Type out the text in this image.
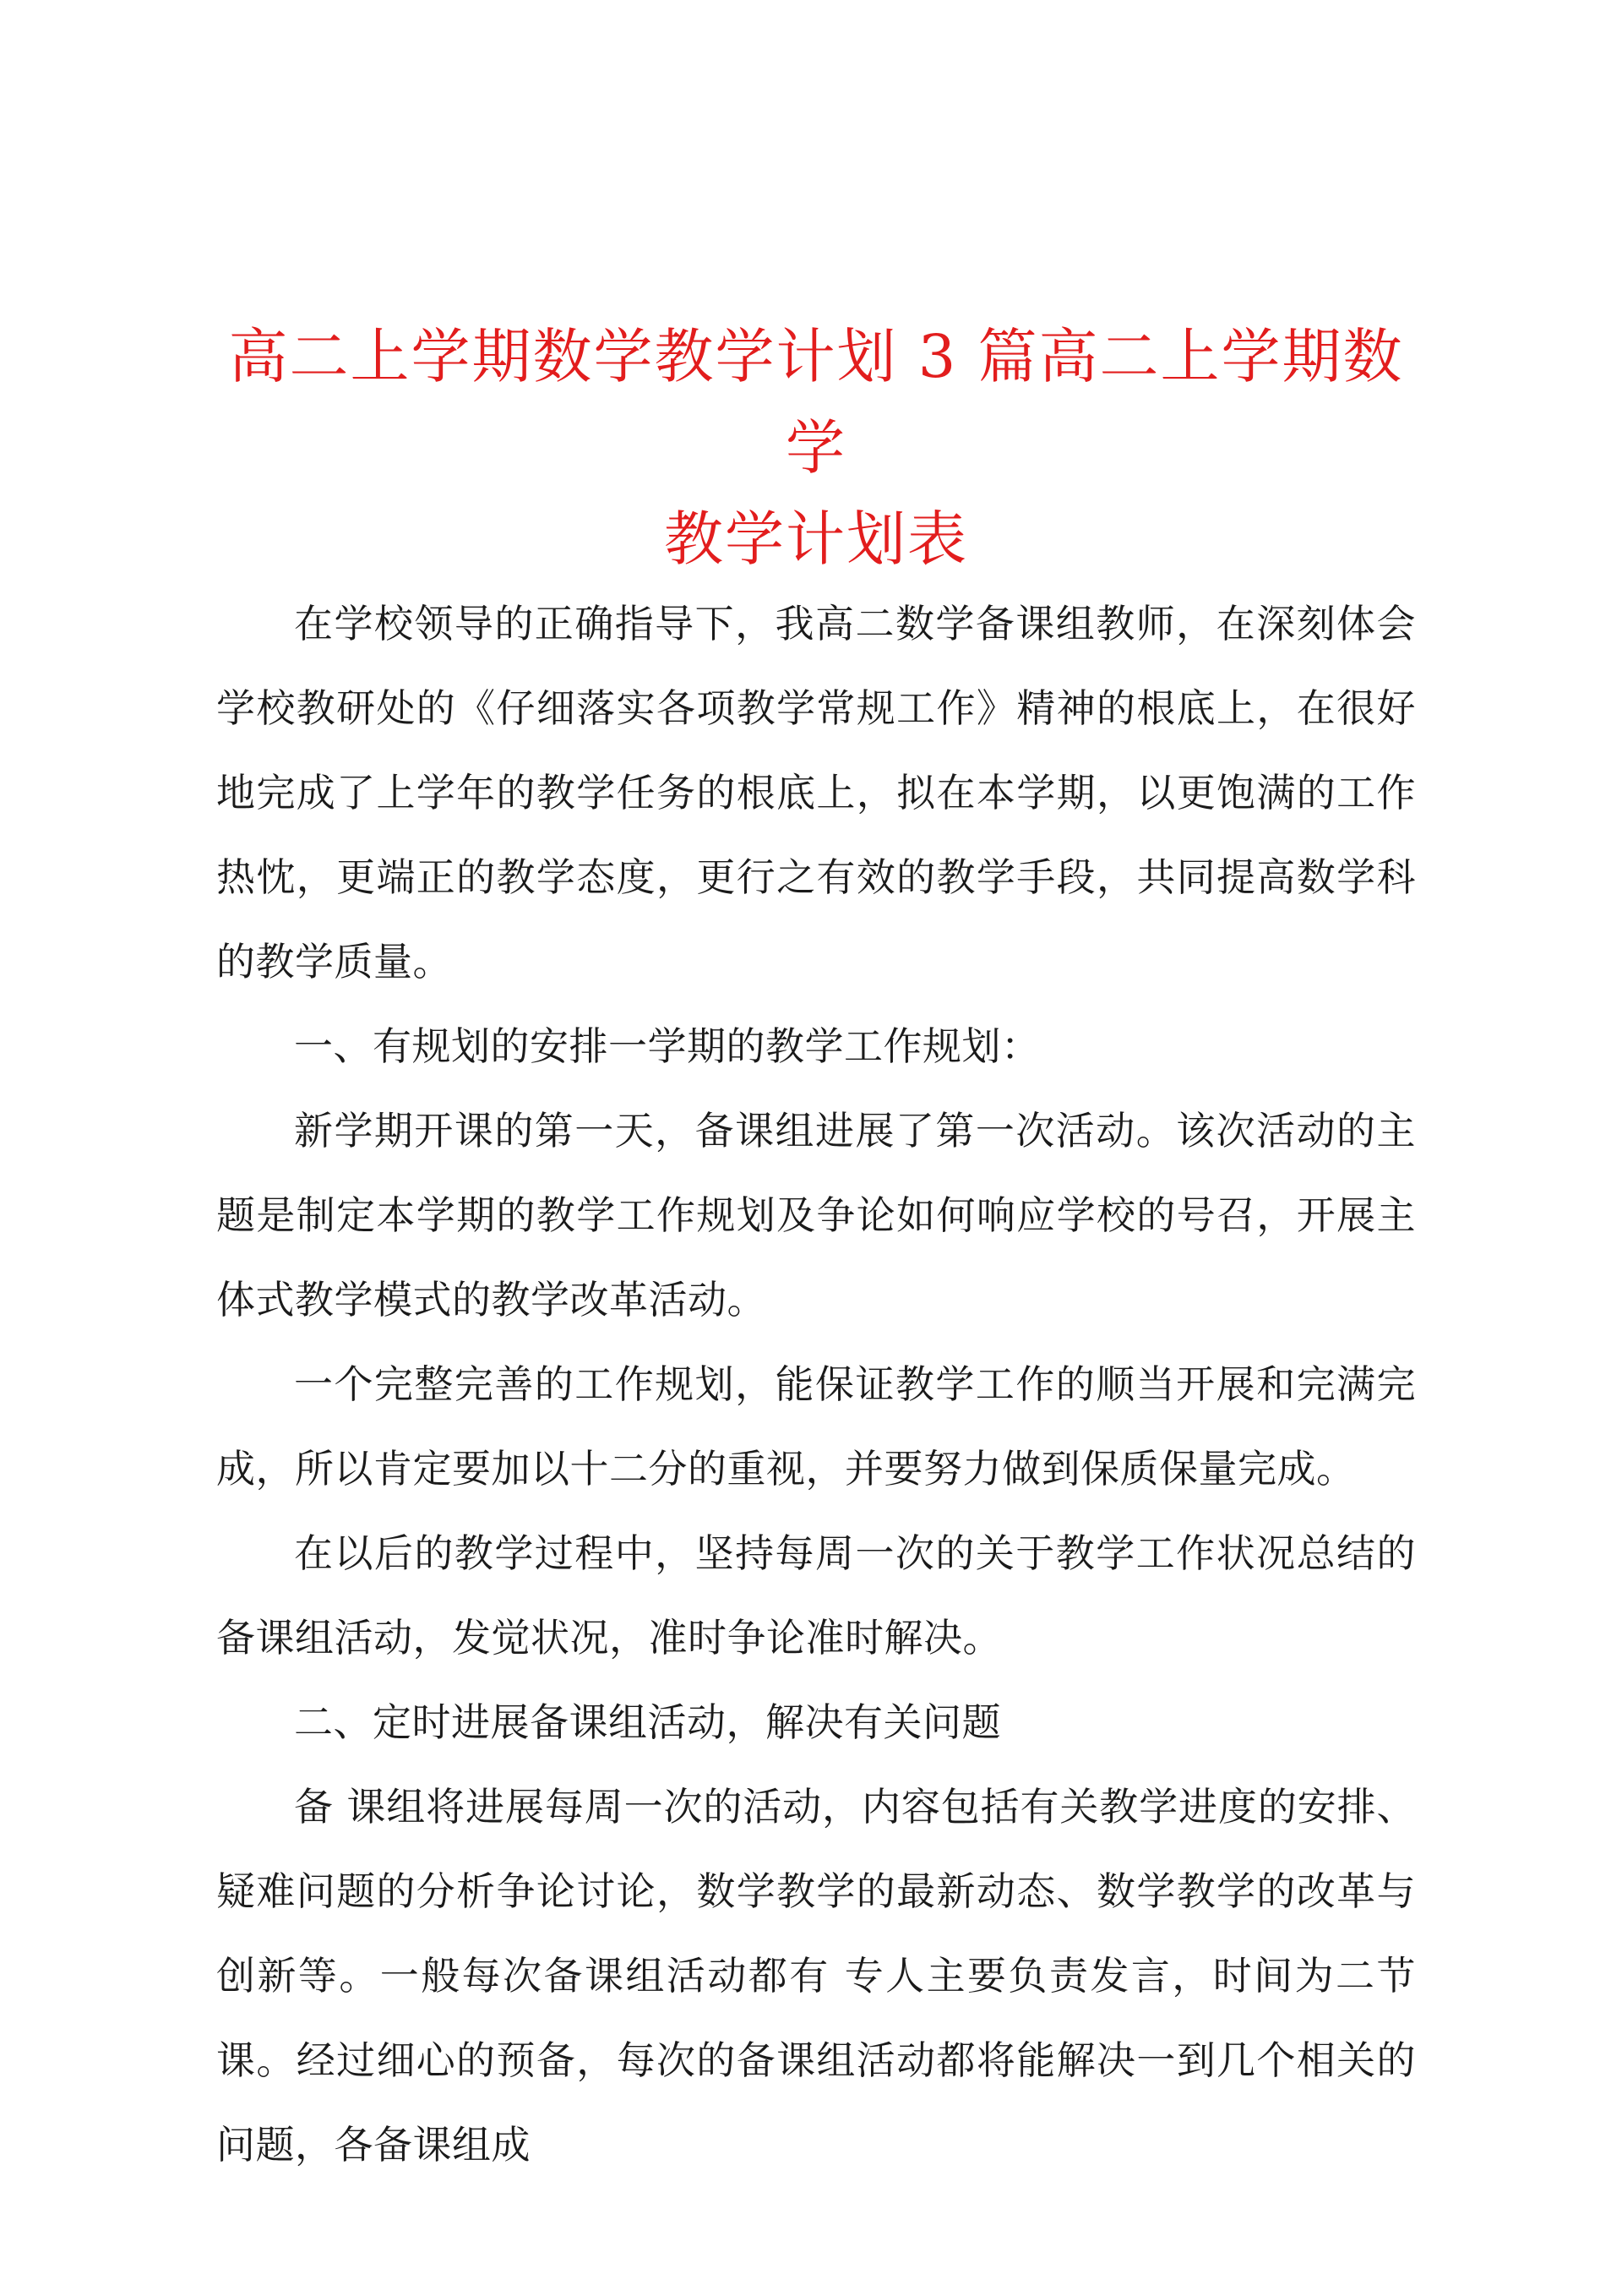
高二上学期数学教学计划 3 篇高二上学期数学
教学计划表

在学校领导的正确指导下，我高二数学备课组教师，在深刻体会学校教研处的《仔细落实各项教学常规工作》精神的根底上，在很好地完成了上学年的教学任务的根底上，拟在本学期，以更饱满的工作热忱，更端正的教学态度，更行之有效的教学手段，共同提高数学科的教学质量。

一、有规划的安排一学期的教学工作规划：

新学期开课的第一天，备课组进展了第一次活动。该次活动的主题是制定本学期的教学工作规划及争论如何响应学校的号召，开展主体式教学模式的教学改革活动。

一个完整完善的工作规划，能保证教学工作的顺当开展和完满完成，所以肯定要加以十二分的重视，并要努力做到保质保量完成。

在以后的教学过程中，坚持每周一次的关于教学工作状况总结的备课组活动，发觉状况，准时争论准时解决。

二、定时进展备课组活动，解决有关问题

备 课组将进展每周一次的活动，内容包括有关教学进度的安排、疑难问题的分析争论讨论，数学教学的最新动态、数学教学的改革与创新等。一般每次备课组活动都有 专人主要负责发言，时间为二节课。经过细心的预备，每次的备课组活动都将能解决一到几个相关的问题，各备课组成
